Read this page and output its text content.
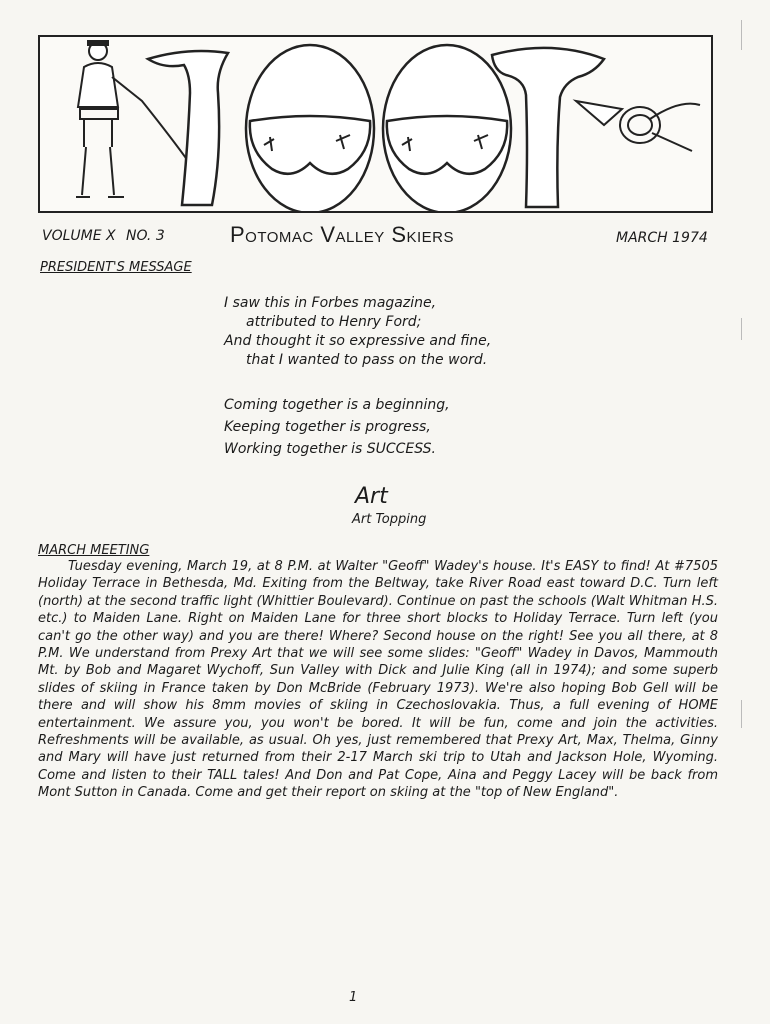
VOLUME X NO. 3	Potomac Valley Skiers	MARCH 1974
PRESIDENT'S MESSAGE
I saw this in Forbes magazine,
attributed to Henry Ford;
And thought it so expressive and fine,
that I wanted to pass on the word.
Coming together is a beginning,
Keeping together is progress,
Working together is SUCCESS.
Art
Art Topping
MARCH MEETING
Tuesday evening, March 19, at 8 P.M. at Walter "Geoff" Wadey's house. It's EASY to find! At #7505 Holiday Terrace in Bethesda, Md. Exiting from the Beltway, take River Road east toward D.C. Turn left (north) at the second traffic light (Whittier Boulevard). Continue on past the schools (Walt Whitman H.S. etc.) to Maiden Lane. Right on Maiden Lane for three short blocks to Holiday Terrace. Turn left (you can't go the other way) and you are there! Where? Second house on the right! See you all there, at 8 P.M. We understand from Prexy Art that we will see some slides: "Geoff" Wadey in Davos, Mammouth Mt. by Bob and Magaret Wychoff, Sun Valley with Dick and Julie King (all in 1974); and some superb slides of skiing in France taken by Don McBride (February 1973). We're also hoping Bob Gell will be there and will show his 8mm movies of skiing in Czechoslovakia. Thus, a full evening of HOME entertainment. We assure you, you won't be bored. It will be fun, come and join the activities. Refreshments will be available, as usual. Oh yes, just remembered that Prexy Art, Max, Thelma, Ginny and Mary will have just returned from their 2-17 March ski trip to Utah and Jackson Hole, Wyoming. Come and listen to their TALL tales! And Don and Pat Cope, Aina and Peggy Lacey will be back from Mont Sutton in Canada. Come and get their report on skiing at the "top of New England".
1
